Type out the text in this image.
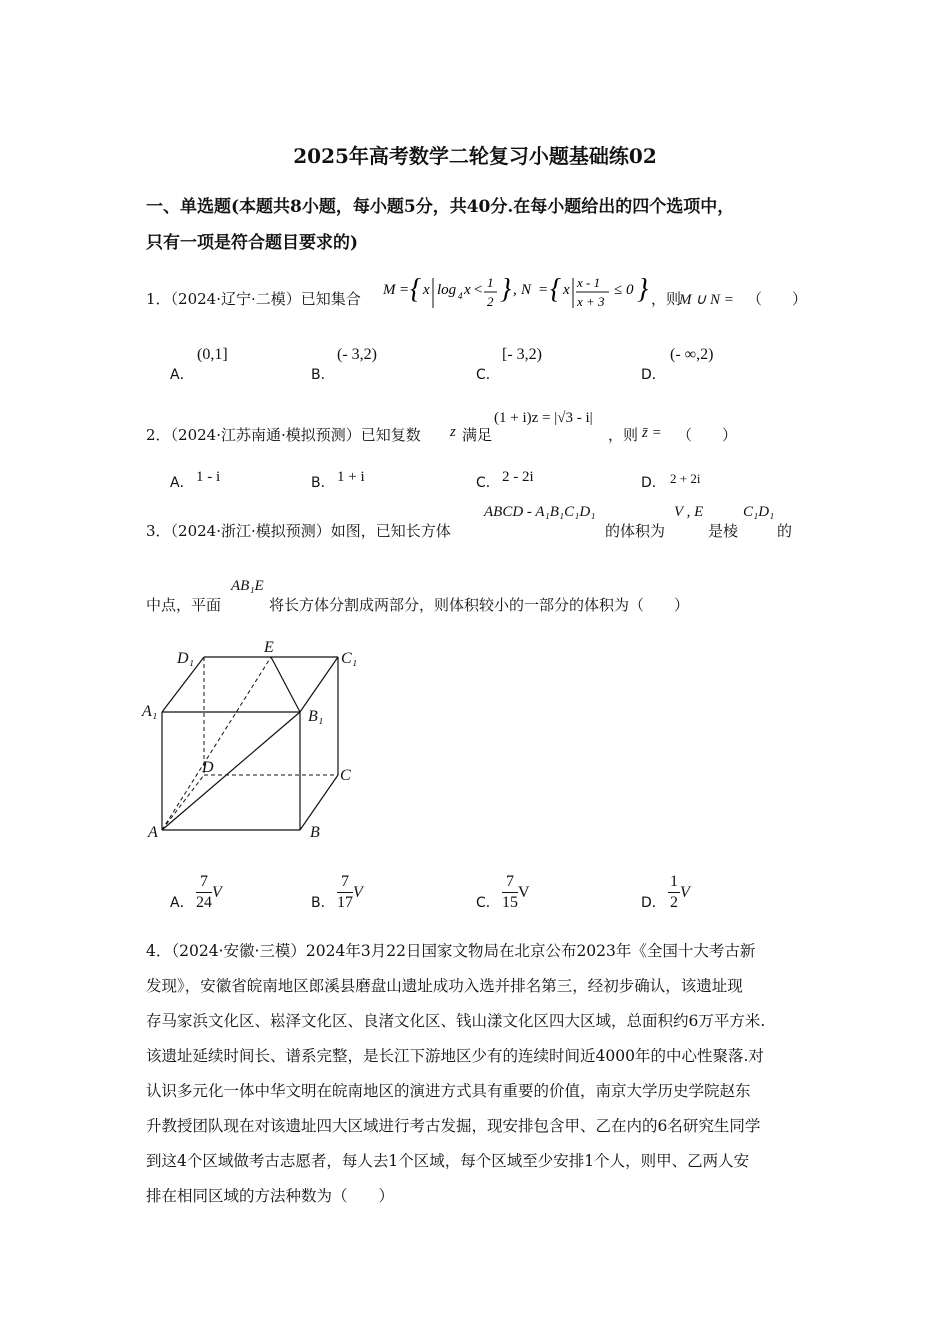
2025年高考数学二轮复习小题基础练02
一、单选题(本题共8小题，每小题5分，共40分.在每小题给出的四个选项中，
只有一项是符合题目要求的)
1．（2024·辽宁·二模）已知集合 M = { x log 4 x < 1
2 } , N = { x x - 1
x + 3
≤ 0 } ，则
M ∪ N = （　　）
A．
(0,1]
B．
(- 3,2)
C．
[- 3,2)
D．
(- ∞,2)
2．（2024·江苏南通·模拟预测）已知复数 z 满足
(1 + i)z = |√3 - i|
，则 z̄ = （　　）
A． 1 - i	B． 1 + i	C． 2 - 2i	D． 2 + 2i
3．（2024·浙江·模拟预测）如图，已知长方体
ABCD - A₁B₁C₁D₁
的体积为
V , E
是棱
C₁D₁
的
中点，平面
AB₁E
将长方体分割成两部分，则体积较小的一部分的体积为（　　）
D₁
E
C₁
A₁	B₁
D	C
A	B
A． $\frac{7}{24}$ V
B． $\frac{7}{17}$ V
C． $\frac{7}{15}$ V
D． $\frac{1}{2}$ V
4．（2024·安徽·三模）2024年3月22日国家文物局在北京公布2023年《全国十大考古新
发现》，安徽省皖南地区郎溪县磨盘山遗址成功入选并排名第三，经初步确认，该遗址现
存马家浜文化区、崧泽文化区、良渚文化区、钱山漾文化区四大区域，总面积约6万平方米.
该遗址延续时间长、谱系完整，是长江下游地区少有的连续时间近4000年的中心性聚落.对
认识多元化一体中华文明在皖南地区的演进方式具有重要的价值，南京大学历史学院赵东
升教授团队现在对该遗址四大区域进行考古发掘，现安排包含甲、乙在内的6名研究生同学
到这4个区域做考古志愿者，每人去1个区域，每个区域至少安排1个人，则甲、乙两人安
排在相同区域的方法种数为（　　）
